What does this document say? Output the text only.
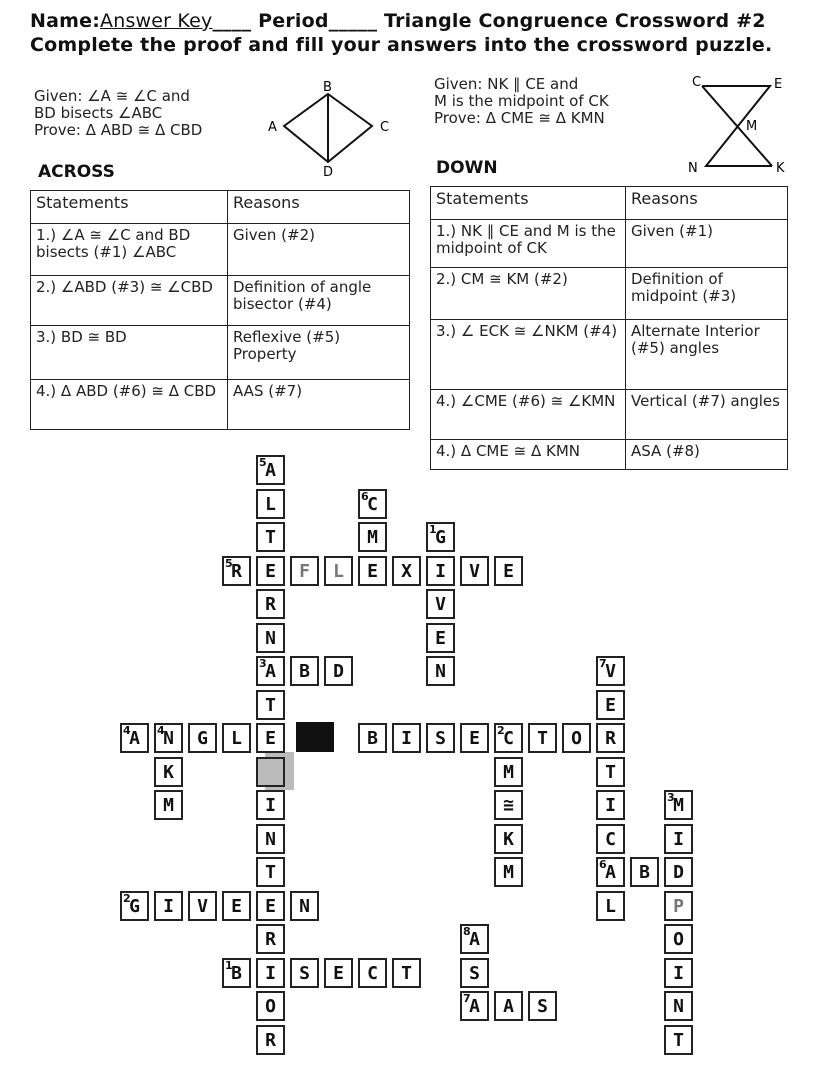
Name:Answer Key____ Period_____ Triangle Congruence Crossword #2
Complete the proof and fill your answers into the crossword puzzle.
Given: ∠A ≅ ∠C and
BD bisects ∠ABC
Prove: Δ ABD ≅ Δ CBD
B
A	C
D
ACROSS
Given: NK ∥ CE and
M is the midpoint of CK
Prove: Δ CME ≅ Δ KMN
C	E
M
N	K
DOWN
Statements	Reasons
1.) ∠A ≅ ∠C and BD bisects (#1) ∠ABC	Given (#2)
2.) ∠ABD (#3) ≅ ∠CBD	Definition of angle bisector (#4)
3.) BD ≅ BD	Reflexive (#5) Property
4.) Δ ABD (#6) ≅ Δ CBD	AAS (#7)
Statements	Reasons
1.) NK ∥ CE and M is the midpoint of CK	Given (#1)
2.) CM ≅ KM (#2)	Definition of midpoint (#3)
3.) ∠ ECK ≅ ∠NKM (#4)	Alternate Interior (#5) angles
4.) ∠CME (#6) ≅ ∠KMN	Vertical (#7) angles
4.) Δ CME ≅ Δ KMN	ASA (#8)
A
5
L
T
E
R
N
A
3
T
E
I
N
T
E
R
I
O
R
C
6
M
E
G
1
I
V
E
N
R
5	F L	X	V E
B D
A
4 N
4 G L	B I S E C
2 T O R
K
M
M
≅
K
M
V
7
E
T
I
C
A
6
L
B D
M
3
I
P
O
I
N
T
G
2 I V E	N
A
8
S
B
1	S E C T
A
7 A S
